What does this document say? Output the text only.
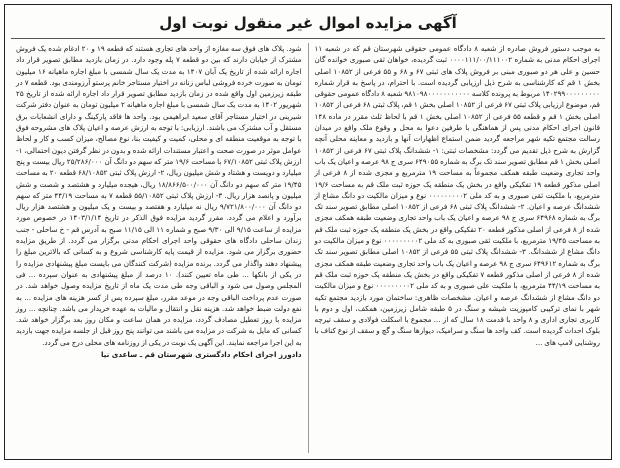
آگهی مزایده اموال غیر منقول نوبت اول

به موجب دستور فروش صادره از شعبه ۸ دادگاه عمومی حقوقی شهرستان قم که در شعبه ۱۱ اجرای احکام مدنی به شماره ۰۰۰۰۱۱۱/۰۰/۱۱۱۰۰۲ ثبت گردیده، خواهان ثقی صبوری خوانده گان حسین و علی هر دو صبوری مبنی بر فروش پلاک های ثبتی ۶۷ و ۶۸ و ۵۵ فرعی از ۱۰۸۵۲ اصلی بخش ۱ قم که کارشناسی به شرح ذیل ارزیابی گردیده است. با احترام، در پاسخ به قرار شماره ۱۴۰۲۹۹۰۰۰۰۰۰۰۰۰ مربوط به پرونده کلاسه ۹۸۱۰۹۸۰۰۰۰۰۰۰۰۰۰۰ شعبه ۸ دادگاه عمومی حقوقی قم، موضوع ارزیابی پلاک ثبتی ۶۷ فرعی از ۱۰۸۵۲ اصلی بخش ۱ قم، پلاک ثبتی ۶۸ فرعی از ۱۰۸۵۲ اصلی بخش ۱ قم و قطعه ۵۵ فرعی از ۱۰۸۵۲ اصلی بخش ۱ قم با لحاظ ثلث مقرر در ماده ۱۴۸ قانون اجرای احکام مدنی پس از هماهنگی با طرفین دعوا به محل و وقوع ملک واقع در میدان رسالت مجتمع تکیه شهر مراجعه گردید ضمن استماع اظهارات آنها و بازدید و معاینه محلی آنچه گزارش به شرح ذیل تقدیم می گردد: مشخصات ثبتی: ۱- ششدانگ پلاک ثبتی ۶۷ فرعی از ۱۰۸۵۲ اصلی بخش ۱ قم مطابق تصویر سند تک برگ به شماره ۶۴۹۰۵۵ سری ج ۹۸ عرصه و اعیان یک باب واحد تجاری وضعیت طبقه همکف مجموعاً به مساحت ۱۹ مترمربع و مجزی شده از ۸ فرعی از اصلی مذکور قطعه ۱۹ تفکیکی واقع در بخش یک منطقه یک حوزه ثبت ملک قم به مساحت ۱۹/۶ مترمربع، با ملکیت ثقی صبوری و به کد ملی ۰۰۰۰۰۰۰۰۰۲ نوع و میزان مالکیت دو دانگ مشاع از ششدانگ عرصه و اعیان. ۲- ششدانگ پلاک ثبتی ۶۸ فرعی از ۱۰۸۵۲ اصلی مطابق تصویر سند تک برگ به شماره ۶۴۹۶۸ سری ج ۹۸ عرصه و اعیان یک باب واحد تجاری وضعیت طبقه همکف مجزی شده از ۸ فرعی از اصلی مذکور قطعه ۲۰ تفکیکی واقع در بخش یک منطقه یک حوزه ثبت ملک قم به مساحت ۱۹/۴۵ مترمربع، با ملکیت ثقی صبوری به کد ملی ۰۰۰۰۰۰۰۰۰۲ نوع و میزان مالکیت دو دانگ مشاع از ششدانگ. ۳- ششدانگ پلاک ثبتی ۵۵ فرعی از ۱۰۸۵۲ اصلی مطابق تصویر سند تک برگ به شماره ۶۴۹۶۱۲ سری ج ۹۸ عرصه و اعیان یک باب واحد تجاری وضعیت طبقه همکف مجزی شده از ۸ فرعی از اصلی مذکور قطعه ۷ تفکیکی واقع در بخش یک منطقه یک حوزه ثبت ملک قم به مساحت ۴۴/۱۹ مترمربع، با ملکیت علی صبوری و به کد ملی ۰۰۰۰۰۰۰۰۰۲ نوع و میزان مالکیت دو دانگ مشاع از ششدانگ عرصه و اعیان. مشخصات ظاهری: ساختمان مورد بازدید مجتمع تکیه شهر با نمای ترکیبی کامپوزیت شیشه و سنگ در ۵ طبقه شامل زیرزمین، همکف، اول و دوم با کاربری تجاری اداری و ۸ واحد با قدمت ۱۸ سال که از ... مجموع با اسکلت فولادی و سقف تیرچه بلوک احداث گردیده است. کف واحد ها سنگ و سرامیک، دیوارها سنگ و گچ و سقف از نوع کناف با روشنایی لامپ های ...

شود. پلاک های فوق سه مغازه از واحد های تجاری هستند که قطعه ۱۹ و ۲۰ ادغام شده یک فروش مشترک از خیابان دارند که بین دو قطعه ۷ پله وجود دارد. در زمان بازدید مطابق تصویر قرار داد اجاره ارائه شده از تاریخ یک آبان ۱۴۰۷ به مدت یک سال شمسی با مبلغ اجاره ماهیانه ۱۶ میلیون تومان به صورت خرده فروشی لباس زنانه در اختیار مستاجر خانم پرستو آرزومندی بود. قطعه ۷ در طبقه زیرزمین اول واقع شده در زمان بازدید مطابق تصویر قرار داد اجاره ارائه شده از تاریخ ۲۵ شهریور ۱۴۰۲ به مدت یک سال شمسی با مبلغ اجاره ماهیانه ۲ میلیون تومان به عنوان دفتر شرکت شیرینی در اختیار مستاجر آقای سعید ابراهیمی بود. واحد ها فاقد پارکینگ و دارای انشعابات برق مستقل و آب مشترک می باشند. ارزیابی: با توجه به ارزش عرصه و اعیان پلاک های مشروحه فوق با توجه به موقعیت منطقه ای و محلی، کمیت و کیفیت بنا، نوع مصالح، میزان کسب و کار و لحاظ عوامل موثر در صورت صحت و اعتبار مستندات ارائه شده و بدون در نظر گرفتن دیون احتمالی، ۱- ارزش پلاک ثبتی ۶۷/۱۰۸۵۲ با مساحت ۱۹/۶ متر که سهم دو دانگ آن ۲۵/۲۸۶/۰۰۰ ریال بیست و پنج میلیارد و دویست و هشتاد و شش میلیون ریال، ۲- ارزش پلاک ثبتی ۶۸/۱۰۸۵۲ قطعه ۲۰ به مساحت ۱۹/۴۵ متر که سهم دو دانگ آن ۱۸/۸۶۶/۵۰۰/۰۰۰ ریال، هیجده میلیارد و هشتصد و شصت و شش میلیون و پانصد هزار ریال. ۳- ارزش پلاک ثبتی ۵۵/۱۰۸۵۲ قطعه ۷ به مساحت ۴۴/۱۹ متر که سهم دو دانگ آن ۹/۷۲۱/۸۰۰/۰۰۰ ریال نه میلیارد و هفتصد و بیست و یک میلیون و هشتصد هزار ریال برآورد و اعلام می گردد. مقرر گردید مزایده فوق الذکر در تاریخ ۱۴۰۳/۱/۱۴ در خصوص مورد مزایده از ساعت ۹/۱۵ الی ۹/۳۰ صبح و شماره ۱۱ الی ۱۱/۱۵ صبح به آدرس قم - خ ساحلی - جنب زندان ساحلی دادگاه های حقوقی واحد اجرای احکام مدنی برگزار می گردد. از طریق مزایده حضوری برگزار می شود. مزایده از قیمت پایه کارشناسی شروع و به کسانی که بالاترین مبلغ را پیشنهاد دهند واگذار می گردد. برنده مزایده (شرکت کنندگان می بایست مبلغ پیشنهادی مزایده را در یکی از بانکها ... طی ماه تعیین کنند). ۱۰ درصد از مبلغ پیشنهادی به عنوان سپرده ... فی المجلس وصول می شود و الباقی وجه طی مدت یک ماه از تاریخ مزایده وصول خواهد شد. در صورت عدم پرداخت الباقی وجه در موعد مقرر، مبلغ سپرده پس از کسر هزینه های مزایده ... به نفع دولت ضبط خواهد شد. هزینه نقل و انتقال و مالیات به عهده خریدار می باشد. چنانچه ... روز مزایده با روز تعطیل مصادف گردد، مزایده در همان ساعت و مکان روز بعد برگزار خواهد شد. کسانی که مایل به شرکت در مزایده می باشند می توانند پنج روز قبل از جلسه مزایده جهت بازدید به این اجرا مراجعه نمایند. این آگهی یک نوبت در یکی از روزنامه های محلی درج می گردد.

دادورز اجرای احکام دادگستری شهرستان قم ـ ساعدی نیا
